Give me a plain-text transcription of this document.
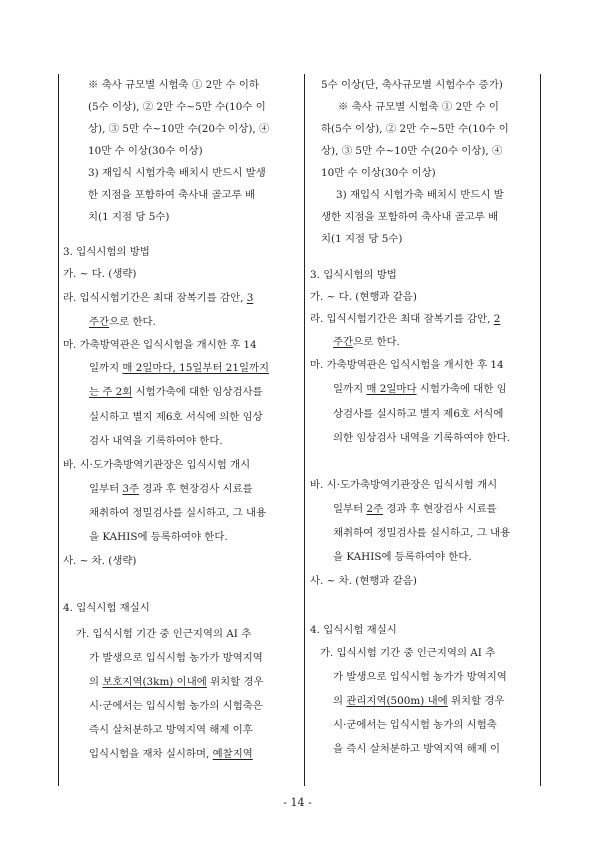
※ 축사 규모별 시험축 ① 2만 수 이하
(5수 이상), ② 2만 수~5만 수(10수 이
상), ③ 5만 수~10만 수(20수 이상), ④
10만 수 이상(30수 이상)
3) 재입식 시험가축 배치시 반드시 발생
한 지점을 포함하여 축사내 골고루 배
치(1 지점 당 5수)
3. 입식시험의 방법
가. ~ 다. (생략)
라. 입식시험기간은 최대 잠복기를 감안, 3
주간으로 한다.
마. 가축방역관은 입식시험을 개시한 후 14
일까지 매 2일마다, 15일부터 21일까지
는 주 2회 시험가축에 대한 임상검사를
실시하고 별지 제6호 서식에 의한 임상
검사 내역을 기록하여야 한다.
바. 시·도가축방역기관장은 입식시험 개시
일부터 3주 경과 후 현장검사 시료를
채취하여 정밀검사를 실시하고, 그 내용
을 KAHIS에 등록하여야 한다.
사. ~ 차. (생략)
4. 입식시험 재실시
가. 입식시험 기간 중 인근지역의 AI 추
가 발생으로 입식시험 농가가 방역지역
의 보호지역(3km) 이내에 위치할 경우
시·군에서는 입식시험 농가의 시험축은
즉시 살처분하고 방역지역 해제 이후
입식시험을 재차 실시하며, 예찰지역
5수 이상(단, 축사규모별 시험수수 증가)
※ 축사 규모별 시험축 ① 2만 수 이
하(5수 이상), ② 2만 수~5만 수(10수 이
상), ③ 5만 수~10만 수(20수 이상), ④
10만 수 이상(30수 이상)
3) 재입식 시험가축 배치시 반드시 발
생한 지점을 포함하여 축사내 골고루 배
치(1 지점 당 5수)
3. 입식시험의 방법
가. ~ 다. (현행과 같음)
라. 입식시험기간은 최대 잠복기를 감안, 2
주간으로 한다.
마. 가축방역관은 입식시험을 개시한 후 14
일까지 매 2일마다 시험가축에 대한 임
상검사를 실시하고 별지 제6호 서식에
의한 임상검사 내역을 기록하여야 한다.
바. 시·도가축방역기관장은 입식시험 개시
일부터 2주 경과 후 현장검사 시료를
채취하여 정밀검사를 실시하고, 그 내용
을 KAHIS에 등록하여야 한다.
사. ~ 차. (현행과 같음)
4. 입식시험 재실시
가. 입식시험 기간 중 인근지역의 AI 추
가 발생으로 입식시험 농가가 방역지역
의 관리지역(500m) 내에 위치할 경우
시·군에서는 입식시험 농가의 시험축
을 즉시 살처분하고 방역지역 해제 이
- 14 -
